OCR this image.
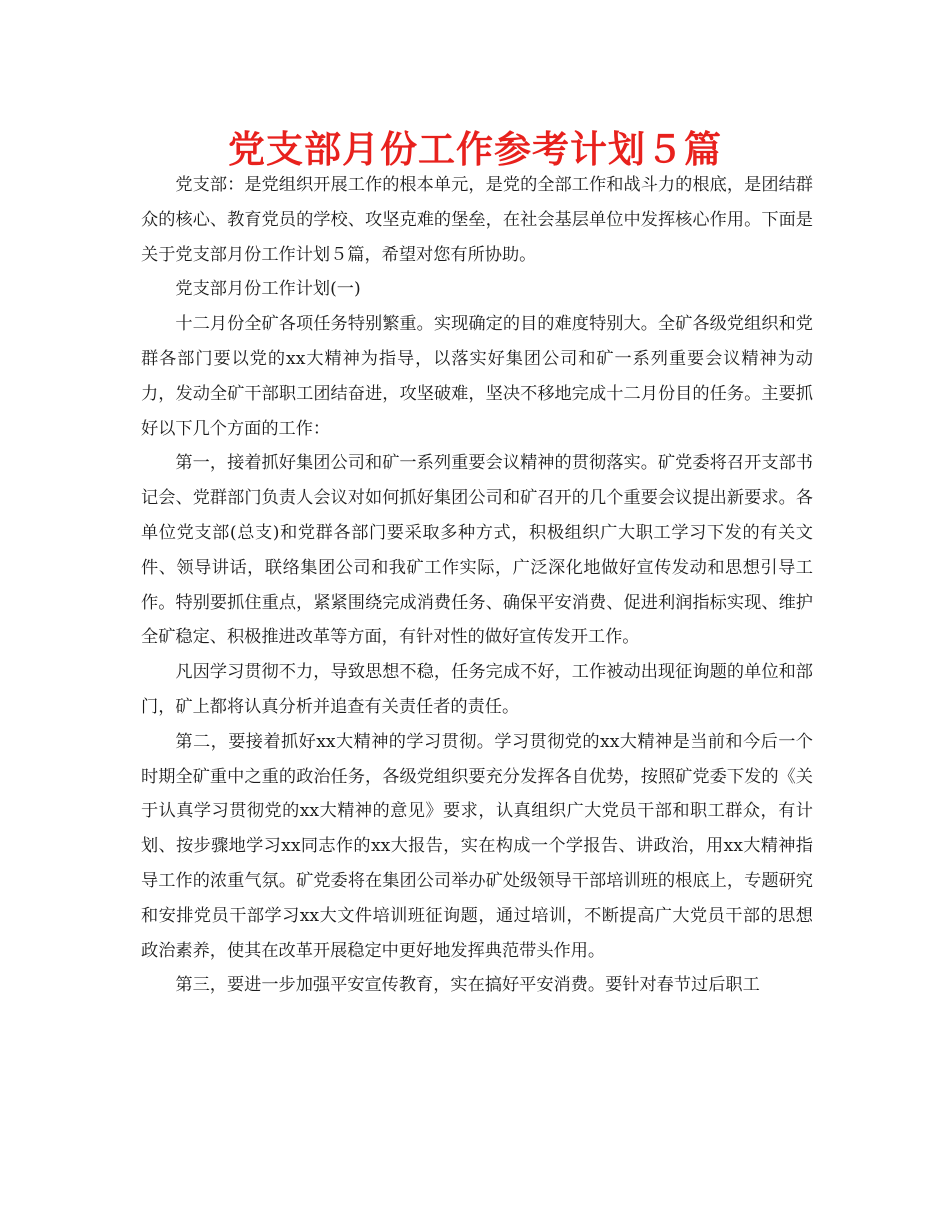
党支部月份工作参考计划５篇

党支部：是党组织开展工作的根本单元，是党的全部工作和战斗力的根底，是团结群众的核心、教育党员的学校、攻坚克难的堡垒，在社会基层单位中发挥核心作用。下面是关于党支部月份工作计划５篇，希望对您有所协助。

党支部月份工作计划(一)

十二月份全矿各项任务特别繁重。实现确定的目的难度特别大。全矿各级党组织和党群各部门要以党的xx大精神为指导，以落实好集团公司和矿一系列重要会议精神为动力，发动全矿干部职工团结奋进，攻坚破难，坚决不移地完成十二月份目的任务。主要抓好以下几个方面的工作：

第一，接着抓好集团公司和矿一系列重要会议精神的贯彻落实。矿党委将召开支部书记会、党群部门负责人会议对如何抓好集团公司和矿召开的几个重要会议提出新要求。各单位党支部(总支)和党群各部门要采取多种方式，积极组织广大职工学习下发的有关文件、领导讲话，联络集团公司和我矿工作实际，广泛深化地做好宣传发动和思想引导工作。特别要抓住重点，紧紧围绕完成消费任务、确保平安消费、促进利润指标实现、维护全矿稳定、积极推进改革等方面，有针对性的做好宣传发开工作。

凡因学习贯彻不力，导致思想不稳，任务完成不好，工作被动出现征询题的单位和部门，矿上都将认真分析并追查有关责任者的责任。

第二，要接着抓好xx大精神的学习贯彻。学习贯彻党的xx大精神是当前和今后一个时期全矿重中之重的政治任务，各级党组织要充分发挥各自优势，按照矿党委下发的《关于认真学习贯彻党的xx大精神的意见》要求，认真组织广大党员干部和职工群众，有计划、按步骤地学习xx同志作的xx大报告，实在构成一个学报告、讲政治，用xx大精神指导工作的浓重气氛。矿党委将在集团公司举办矿处级领导干部培训班的根底上，专题研究和安排党员干部学习xx大文件培训班征询题，通过培训，不断提高广大党员干部的思想政治素养，使其在改革开展稳定中更好地发挥典范带头作用。

第三，要进一步加强平安宣传教育，实在搞好平安消费。要针对春节过后职工
